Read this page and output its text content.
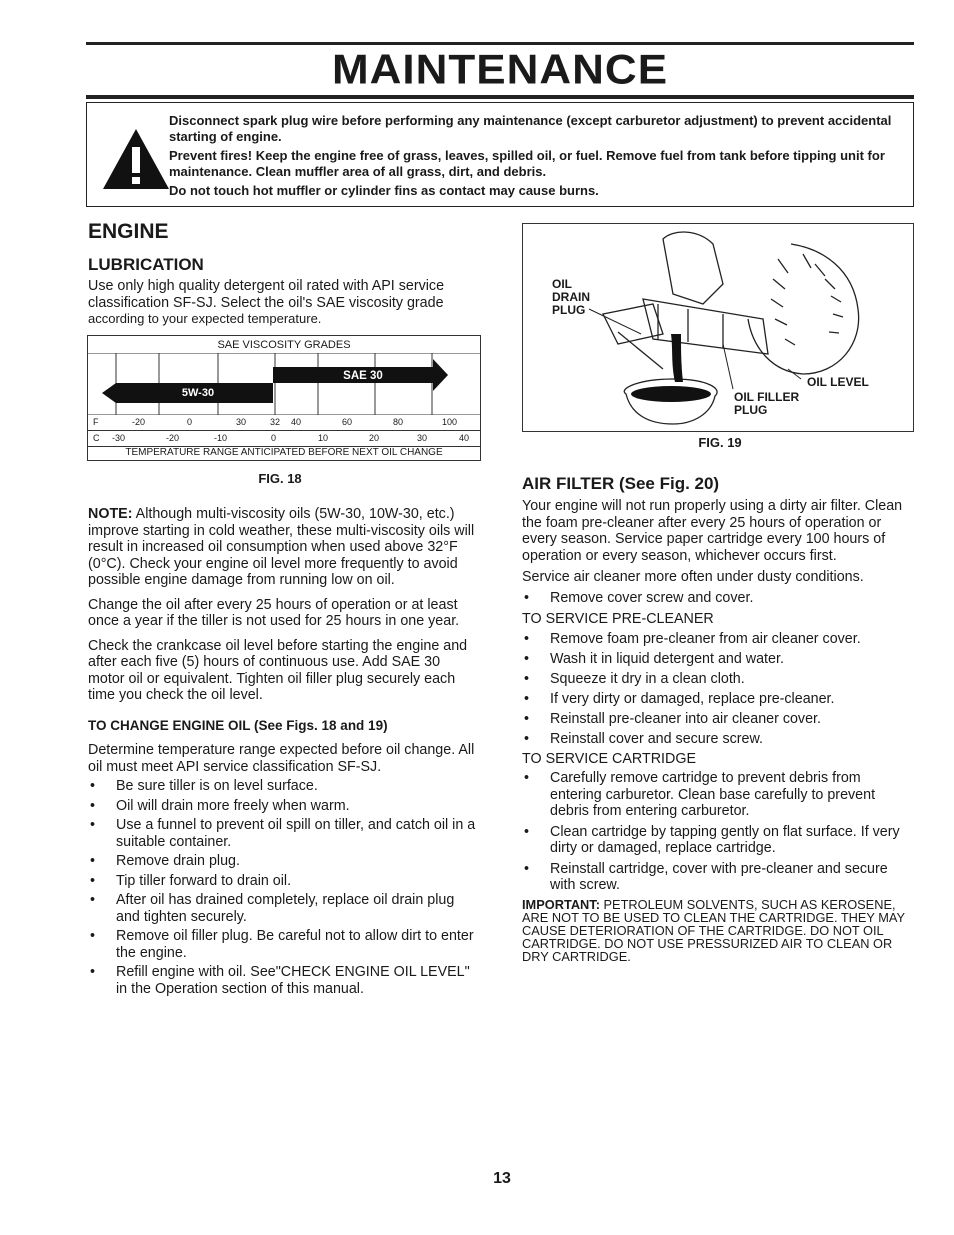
MAINTENANCE

Disconnect spark plug wire before performing any maintenance (except carburetor adjustment) to prevent accidental starting of engine.

Prevent fires! Keep the engine free of grass, leaves, spilled oil, or fuel. Remove fuel from tank before tipping unit for maintenance. Clean muffler area of all grass, dirt, and debris.

Do not touch hot muffler or cylinder fins as contact may cause burns.

ENGINE
LUBRICATION

Use only high quality detergent oil rated with API service classification SF-SJ. Select the oil's SAE viscosity grade

according to your expected temperature.

SAE VISCOSITY GRADES
5W-30
SAE 30
F	-20	0	30	32 40	60	80	100
C -30	-20	-10	0	10	20	30	40
TEMPERATURE RANGE ANTICIPATED BEFORE NEXT OIL CHANGE
FIG. 18

NOTE: Although multi-viscosity oils (5W-30, 10W-30, etc.) improve starting in cold weather, these multi-viscosity oils will result in increased oil consumption when used above 32°F (0°C). Check your engine oil level more frequently to avoid possible engine damage from running low on oil.

Change the oil after every 25 hours of operation or at least once a year if the tiller is not used for 25 hours in one year.

Check the crankcase oil level before starting the engine and after each five (5) hours of continuous use. Add SAE 30 motor oil or equivalent. Tighten oil filler plug securely each time you check the oil level.

TO CHANGE ENGINE OIL (See Figs. 18 and 19)

Determine temperature range expected before oil change. All oil must meet API service classification SF-SJ.

• Be sure tiller is on level surface.

• Oil will drain more freely when warm.

• Use a funnel to prevent oil spill on tiller, and catch oil in a suitable container.

• Remove drain plug.

• Tip tiller forward to drain oil.

• After oil has drained completely, replace oil drain plug and tighten securely.

• Remove oil filler plug. Be careful not to allow dirt to enter the engine.

• Refill engine with oil. See"CHECK ENGINE OIL LEVEL" in the Operation section of this manual.

OIL
DRAIN
PLUG
OIL LEVEL
OIL FILLER
PLUG
FIG. 19
AIR FILTER (See Fig. 20)

Your engine will not run properly using a dirty air filter. Clean the foam pre-cleaner after every 25 hours of operation or every season. Service paper cartridge every 100 hours of operation or every season, whichever occurs first.

Service air cleaner more often under dusty conditions.

• Remove cover screw and cover.

TO SERVICE PRE-CLEANER

• Remove foam pre-cleaner from air cleaner cover.

• Wash it in liquid detergent and water.

• Squeeze it dry in a clean cloth.

• If very dirty or damaged, replace pre-cleaner.

• Reinstall pre-cleaner into air cleaner cover.

• Reinstall cover and secure screw.

TO SERVICE CARTRIDGE

• Carefully remove cartridge to prevent debris from entering carburetor. Clean base carefully to prevent debris from entering carburetor.

• Clean cartridge by tapping gently on flat surface. If very dirty or damaged, replace cartridge.

• Reinstall cartridge, cover with pre-cleaner and secure with screw.

IMPORTANT: PETROLEUM SOLVENTS, SUCH AS KEROSENE, ARE NOT TO BE USED TO CLEAN THE CARTRIDGE. THEY MAY CAUSE DETERIORATION OF THE CARTRIDGE. DO NOT OIL CARTRIDGE. DO NOT USE PRESSURIZED AIR TO CLEAN OR DRY CARTRIDGE.

13
